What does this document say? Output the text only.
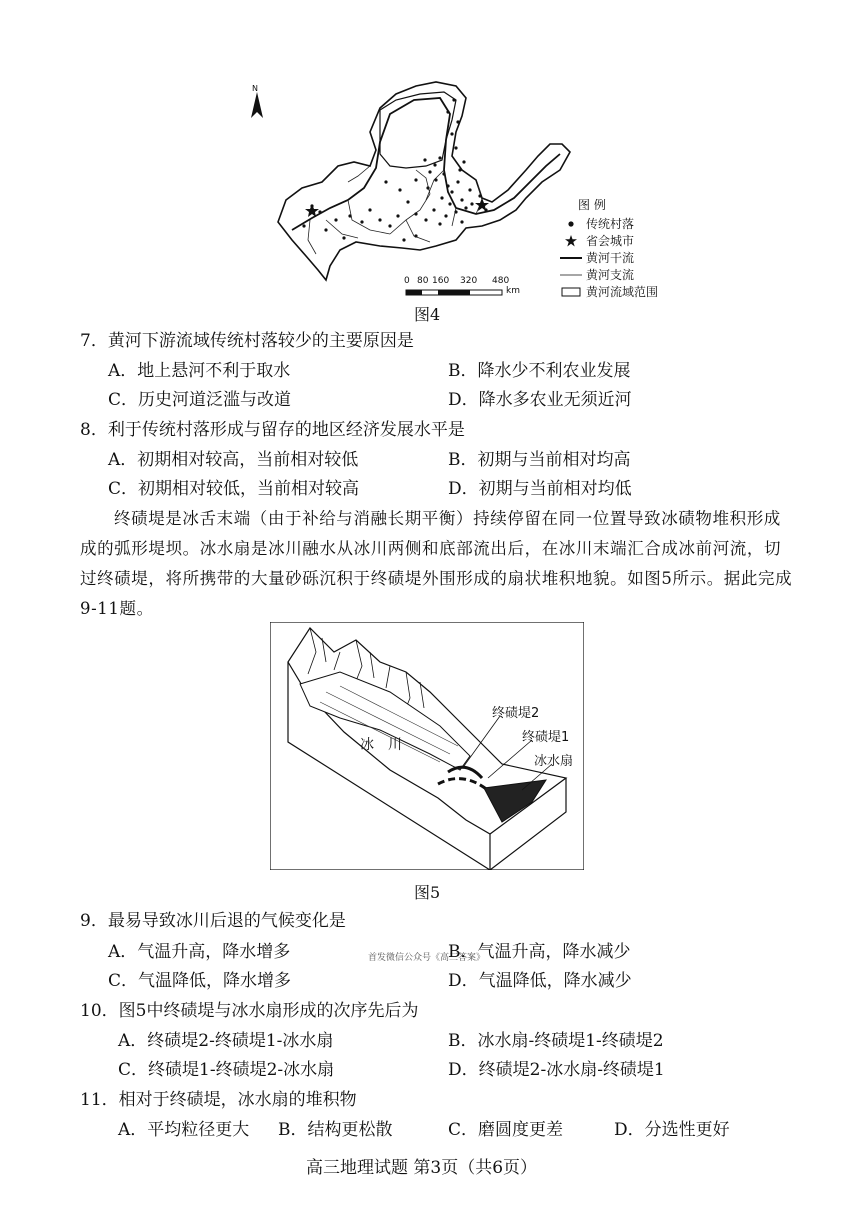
N
0 80 160 320 480
km
图 例
传统村落
省会城市
黄河干流
黄河支流
黄河流域范围
图4
7．黄河下游流域传统村落较少的主要原因是
A．地上悬河不利于取水	B．降水少不利农业发展
C．历史河道泛滥与改道	D．降水多农业无须近河
8．利于传统村落形成与留存的地区经济发展水平是
A．初期相对较高，当前相对较低	B．初期与当前相对均高
C．初期相对较低，当前相对较高	D．初期与当前相对均低
终碛堤是冰舌末端（由于补给与消融长期平衡）持续停留在同一位置导致冰碛物堆积形成成的弧形堤坝。冰水扇是冰川融水从冰川两侧和底部流出后，在冰川末端汇合成冰前河流，切过终碛堤，将所携带的大量砂砾沉积于终碛堤外围形成的扇状堆积地貌。如图5所示。据此完成9-11题。
冰　川
终碛堤2
终碛堤1
冰水扇
图5
9．最易导致冰川后退的气候变化是
A．气温升高，降水增多	首发微信公众号《高三答案》
B．气温升高，降水减少
C．气温降低，降水增多	D．气温降低，降水减少
10．图5中终碛堤与冰水扇形成的次序先后为
A．终碛堤2-终碛堤1-冰水扇	B．冰水扇-终碛堤1-终碛堤2
C．终碛堤1-终碛堤2-冰水扇	D．终碛堤2-冰水扇-终碛堤1
11．相对于终碛堤，冰水扇的堆积物
A．平均粒径更大 B．结构更松散	C．磨圆度更差	D．分选性更好
高三地理试题 第3页（共6页）
